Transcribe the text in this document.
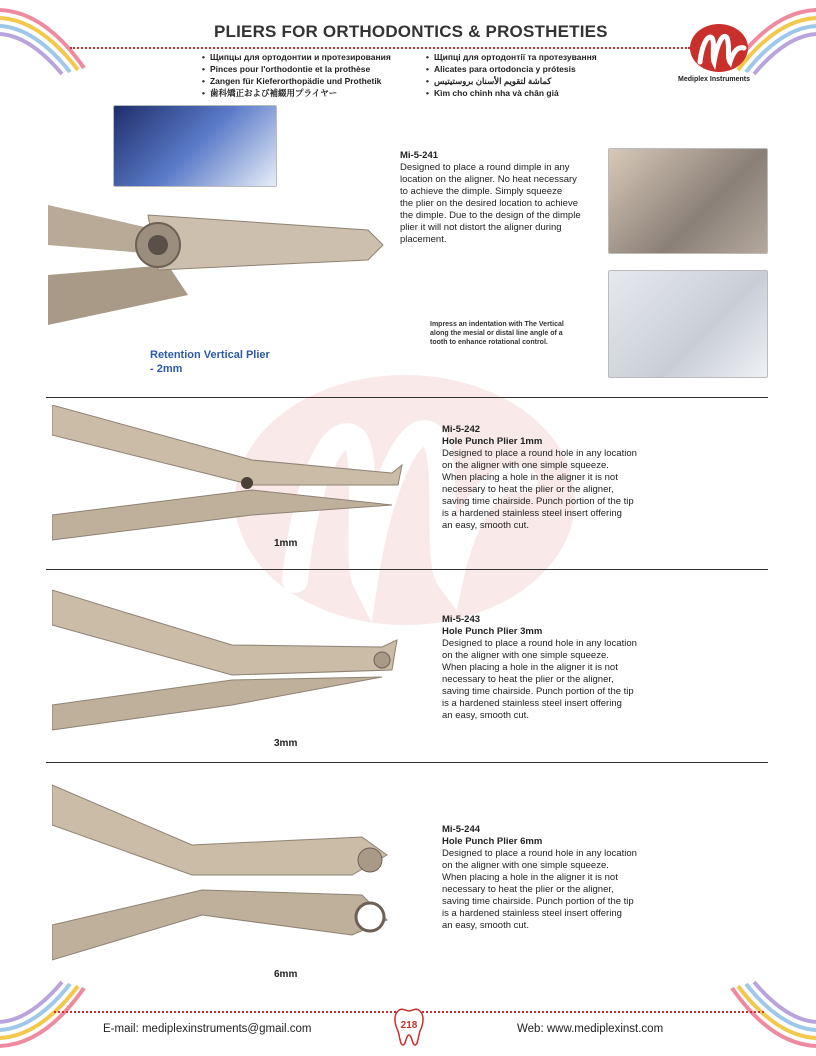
PLIERS FOR ORTHODONTICS & PROSTHETIES
• Щипцы для ортодонтии и протезирования
• Pinces pour l'orthodontie et la prothèse
• Zangen für Kieferorthopädie und Prothetik
• 歯科矯正および補綴用プライヤー
• Щипці для ортодонтії та протезування
• Alicates para ortodoncia y prótesis
• كماشة لتقويم الأسنان بروستيتيس
• Kìm cho chỉnh nha và chân giả
Mediplex Instruments
Mi-5-241
Designed to place a round dimple in any
location on the aligner. No heat necessary
to achieve the dimple. Simply squeeze
the plier on the desired location to achieve
the dimple. Due to the design of the dimple
plier it will not distort the aligner during
placement.
Impress an indentation with The Vertical
along the mesial or distal line angle of a
tooth to enhance rotational control.
Retention Vertical Plier
- 2mm
1mm
Mi-5-242
Hole Punch Plier 1mm
Designed to place a round hole in any location
on the aligner with one simple squeeze.
When placing a hole in the aligner it is not
necessary to heat the plier or the aligner,
saving time chairside. Punch portion of the tip
is a hardened stainless steel insert offering
an easy, smooth cut.
3mm
Mi-5-243
Hole Punch Plier 3mm
Designed to place a round hole in any location
on the aligner with one simple squeeze.
When placing a hole in the aligner it is not
necessary to heat the plier or the aligner,
saving time chairside. Punch portion of the tip
is a hardened stainless steel insert offering
an easy, smooth cut.
6mm
Mi-5-244
Hole Punch Plier 6mm
Designed to place a round hole in any location
on the aligner with one simple squeeze.
When placing a hole in the aligner it is not
necessary to heat the plier or the aligner,
saving time chairside. Punch portion of the tip
is a hardened stainless steel insert offering
an easy, smooth cut.
E-mail: mediplexinstruments@gmail.com	218	Web: www.mediplexinst.com
